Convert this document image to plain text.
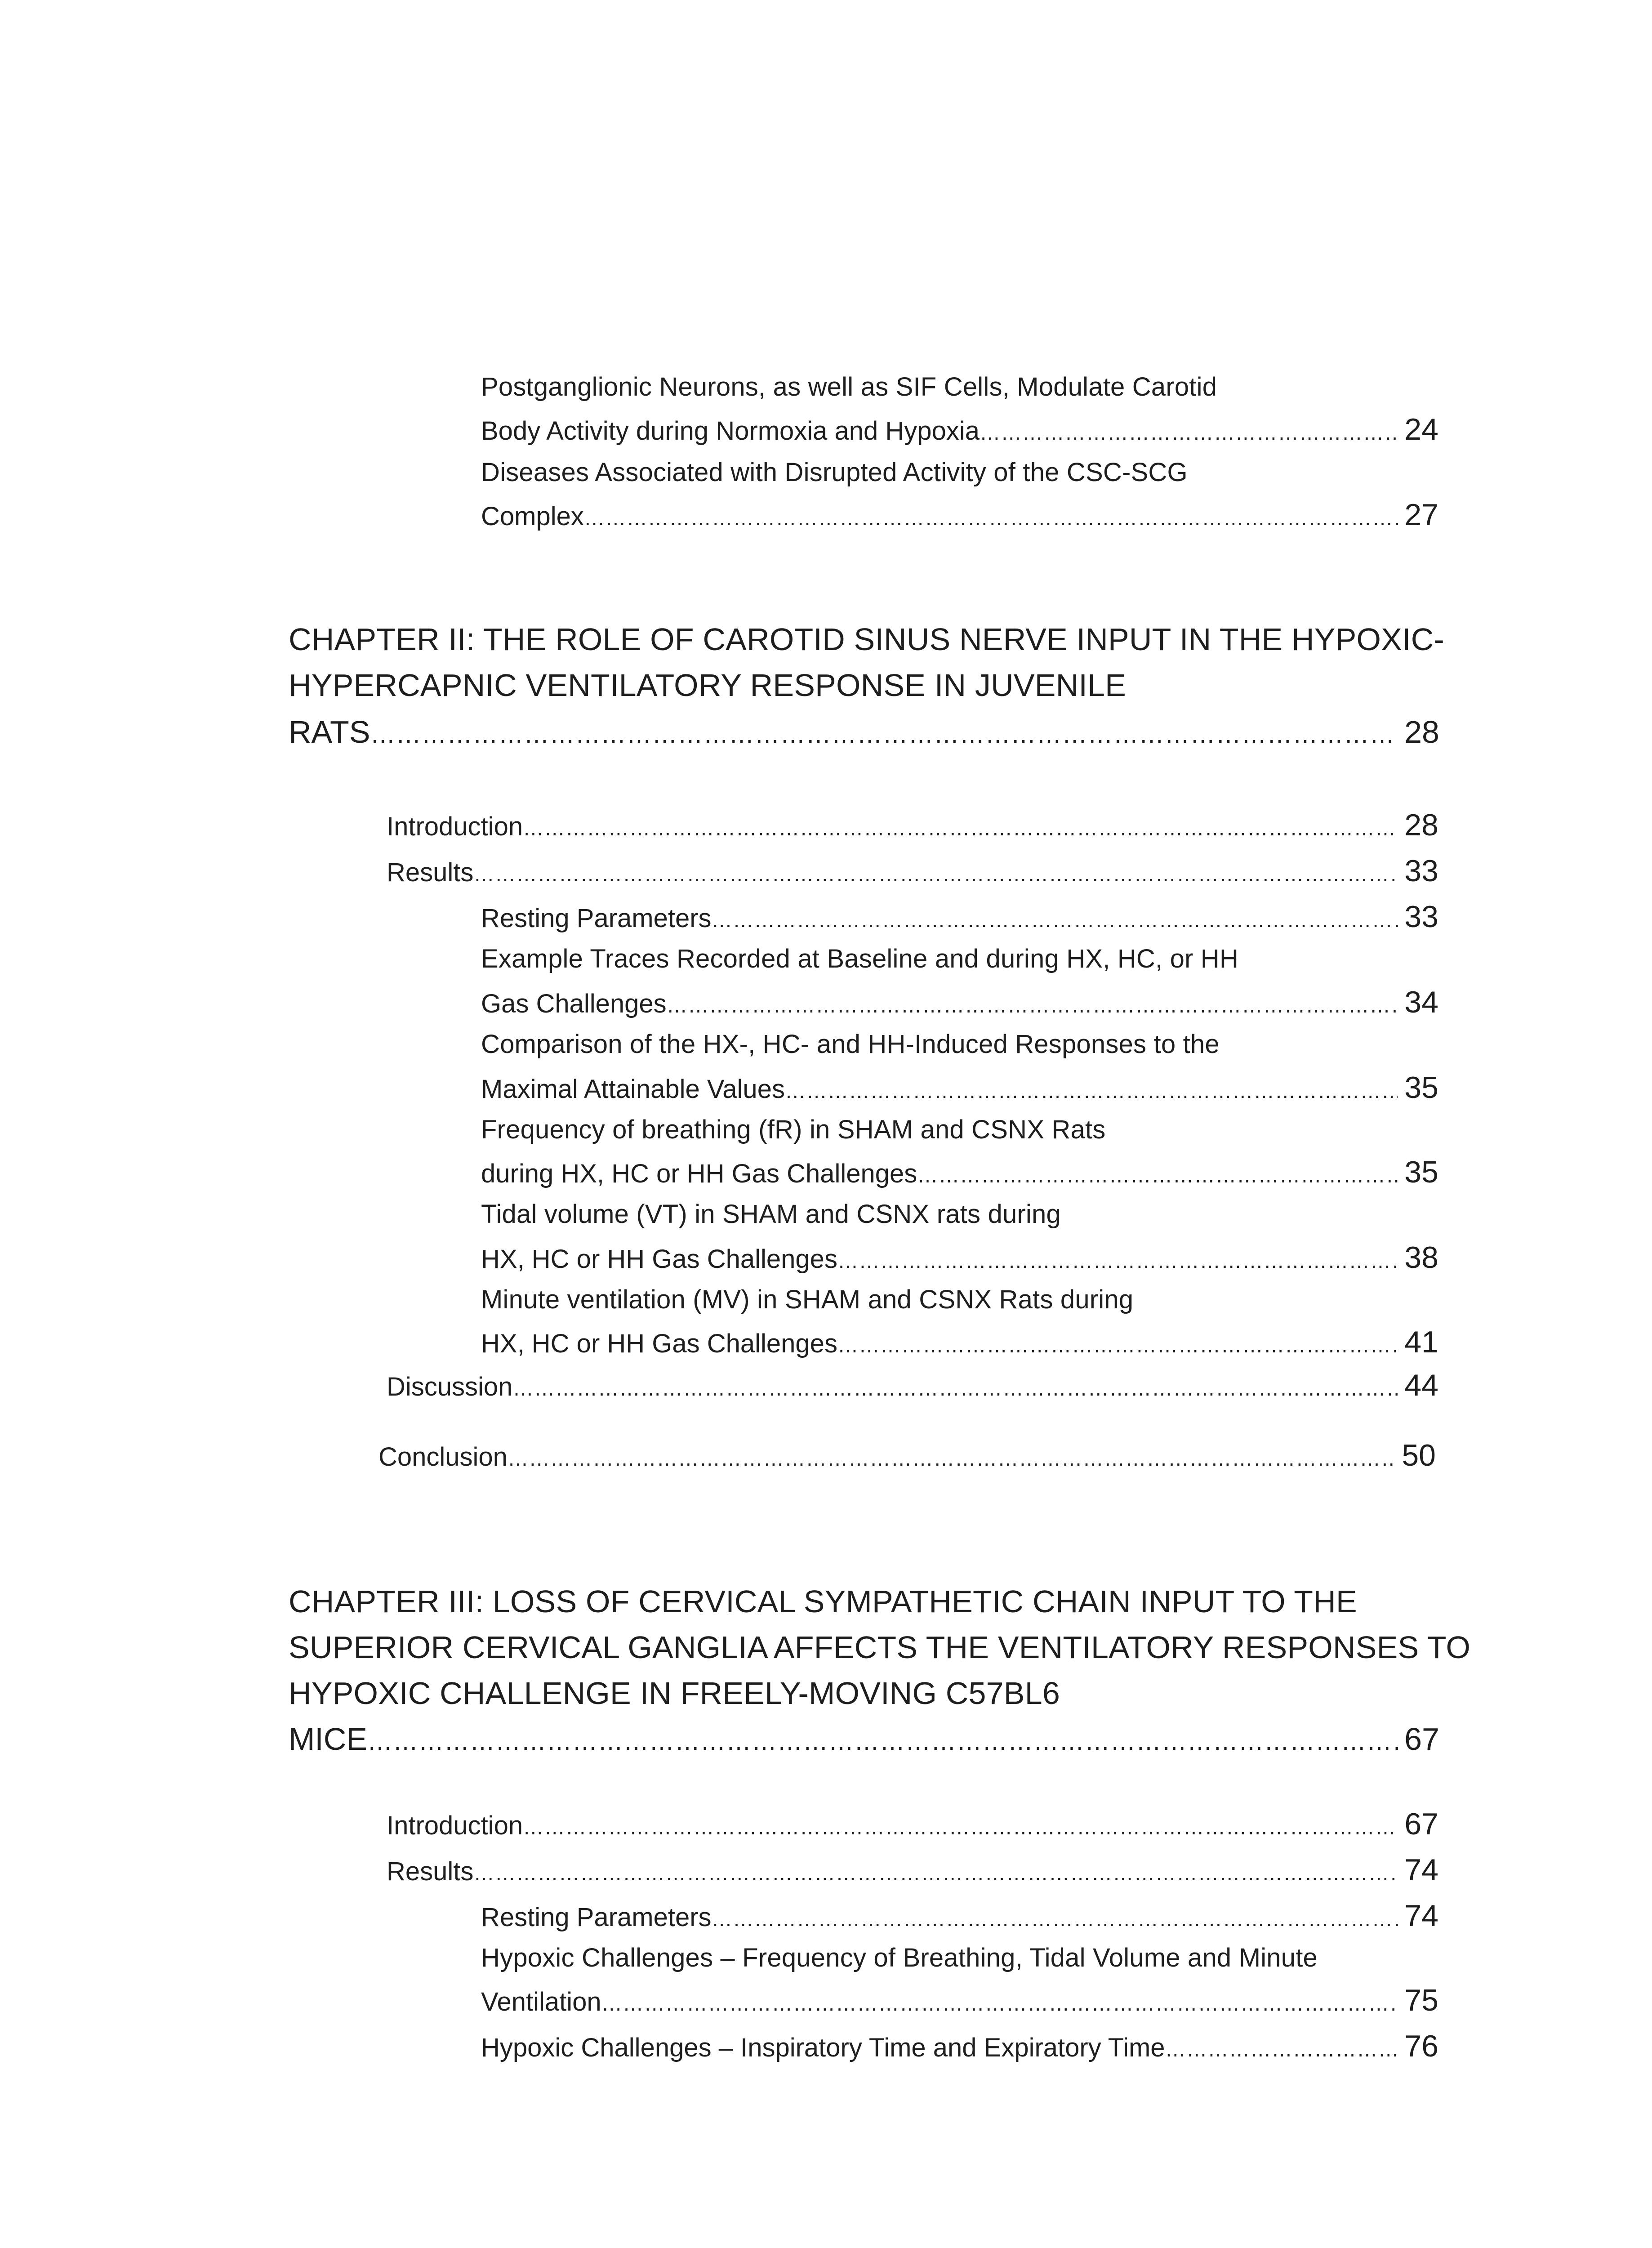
Postganglionic Neurons, as well as SIF Cells, Modulate Carotid
Body Activity during Normoxia and Hypoxia …………………………………………………………………………………………………………………………………………………………………………………………………………………………………………	24
Diseases Associated with Disrupted Activity of the CSC-SCG
Complex …………………………………………………………………………………………………………………………………………………………………………………………………………………………………………	27
CHAPTER II: THE ROLE OF CAROTID SINUS NERVE INPUT IN THE HYPOXIC-
HYPERCAPNIC VENTILATORY RESPONSE IN JUVENILE
RATS …………………………………………………………………………………………………………………………………………………………………………………………………………………………………………	28
Introduction …………………………………………………………………………………………………………………………………………………………………………………………………………………………………………	28
Results …………………………………………………………………………………………………………………………………………………………………………………………………………………………………………	33
Resting Parameters …………………………………………………………………………………………………………………………………………………………………………………………………………………………………………	33
Example Traces Recorded at Baseline and during HX, HC, or HH
Gas Challenges …………………………………………………………………………………………………………………………………………………………………………………………………………………………………………	34
Comparison of the HX-, HC- and HH-Induced Responses to the
Maximal Attainable Values …………………………………………………………………………………………………………………………………………………………………………………………………………………………………………	35
Frequency of breathing (fR) in SHAM and CSNX Rats
during HX, HC or HH Gas Challenges …………………………………………………………………………………………………………………………………………………………………………………………………………………………………………	35
Tidal volume (VT) in SHAM and CSNX rats during
HX, HC or HH Gas Challenges …………………………………………………………………………………………………………………………………………………………………………………………………………………………………………	38
Minute ventilation (MV) in SHAM and CSNX Rats during
HX, HC or HH Gas Challenges …………………………………………………………………………………………………………………………………………………………………………………………………………………………………………	41
Discussion …………………………………………………………………………………………………………………………………………………………………………………………………………………………………………	44
Conclusion …………………………………………………………………………………………………………………………………………………………………………………………………………………………………………	50
CHAPTER III: LOSS OF CERVICAL SYMPATHETIC CHAIN INPUT TO THE
SUPERIOR CERVICAL GANGLIA AFFECTS THE VENTILATORY RESPONSES TO
HYPOXIC CHALLENGE IN FREELY-MOVING C57BL6
MICE …………………………………………………………………………………………………………………………………………………………………………………………………………………………………………	67
Introduction …………………………………………………………………………………………………………………………………………………………………………………………………………………………………………	67
Results …………………………………………………………………………………………………………………………………………………………………………………………………………………………………………	74
Resting Parameters …………………………………………………………………………………………………………………………………………………………………………………………………………………………………………	74
Hypoxic Challenges – Frequency of Breathing, Tidal Volume and Minute
Ventilation …………………………………………………………………………………………………………………………………………………………………………………………………………………………………………	75
Hypoxic Challenges – Inspiratory Time and Expiratory Time …………………………………………………………………………………………………………………………………………………………………………………………………………………………………………	76
